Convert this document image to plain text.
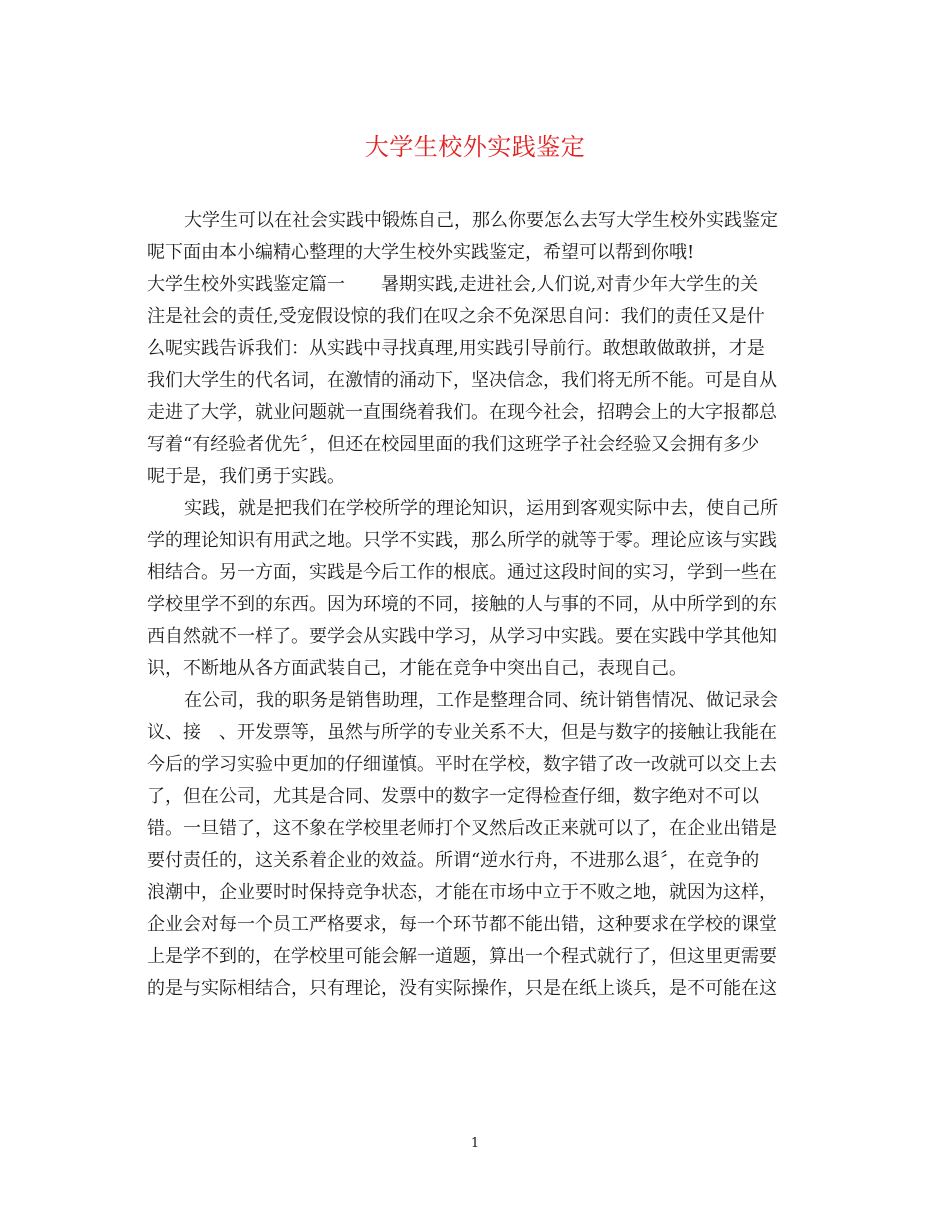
大学生校外实践鉴定
大学生可以在社会实践中锻炼自己，那么你要怎么去写大学生校外实践鉴定
呢下面由本小编精心整理的大学生校外实践鉴定，希望可以帮到你哦!
大学生校外实践鉴定篇一　　暑期实践,走进社会,人们说,对青少年大学生的关
注是社会的责任,受宠假设惊的我们在叹之余不免深思自问：我们的责任又是什
么呢实践告诉我们：从实践中寻找真理,用实践引导前行。敢想敢做敢拼，才是
我们大学生的代名词，在激情的涌动下，坚决信念，我们将无所不能。可是自从
走进了大学，就业问题就一直围绕着我们。在现今社会，招聘会上的大字报都总
写着“有经验者优先〞，但还在校园里面的我们这班学子社会经验又会拥有多少
呢于是，我们勇于实践。
实践，就是把我们在学校所学的理论知识，运用到客观实际中去，使自己所
学的理论知识有用武之地。只学不实践，那么所学的就等于零。理论应该与实践
相结合。另一方面，实践是今后工作的根底。通过这段时间的实习，学到一些在
学校里学不到的东西。因为环境的不同，接触的人与事的不同，从中所学到的东
西自然就不一样了。要学会从实践中学习，从学习中实践。要在实践中学其他知
识，不断地从各方面武装自己，才能在竞争中突出自己，表现自己。
在公司，我的职务是销售助理，工作是整理合同、统计销售情况、做记录会
议、接　、开发票等，虽然与所学的专业关系不大，但是与数字的接触让我能在
今后的学习实验中更加的仔细谨慎。平时在学校，数字错了改一改就可以交上去
了，但在公司，尤其是合同、发票中的数字一定得检查仔细，数字绝对不可以
错。一旦错了，这不象在学校里老师打个叉然后改正来就可以了，在企业出错是
要付责任的，这关系着企业的效益。所谓“逆水行舟，不进那么退〞，在竞争的
浪潮中，企业要时时保持竞争状态，才能在市场中立于不败之地，就因为这样，
企业会对每一个员工严格要求，每一个环节都不能出错，这种要求在学校的课堂
上是学不到的，在学校里可能会解一道题，算出一个程式就行了，但这里更需要
的是与实际相结合，只有理论，没有实际操作，只是在纸上谈兵，是不可能在这
1
